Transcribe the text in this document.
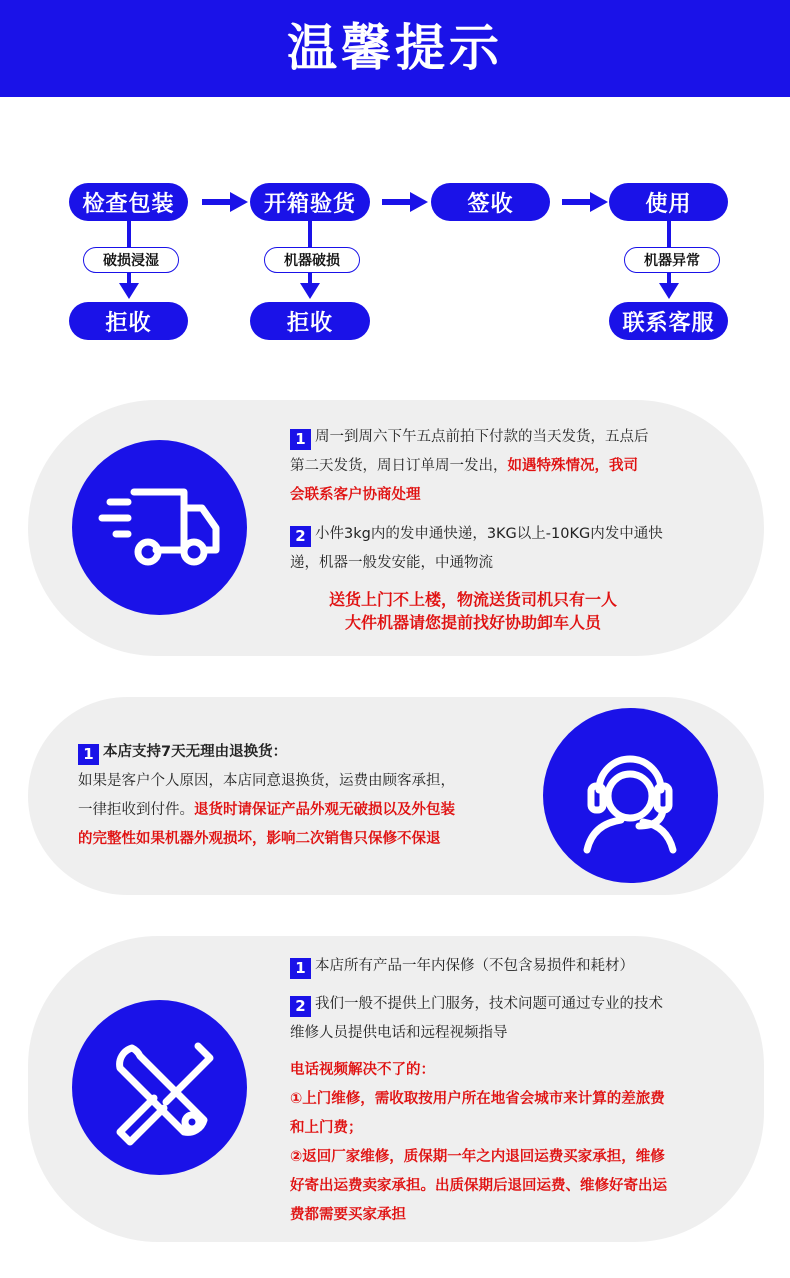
温馨提示
检查包装	开箱验货	签收	使用
破损浸湿	机器破损	机器异常
拒收	拒收	联系客服
1 周一到周六下午五点前拍下付款的当天发货，五点后
第二天发货，周日订单周一发出，如遇特殊情况，我司
会联系客户协商处理
2 小件3kg内的发申通快递，3KG以上-10KG内发中通快
递，机器一般发安能，中通物流
送货上门不上楼，物流送货司机只有一人
大件机器请您提前找好协助卸车人员
1 本店支持7天无理由退换货：
如果是客户个人原因，本店同意退换货，运费由顾客承担，
一律拒收到付件。退货时请保证产品外观无破损以及外包装
的完整性如果机器外观损坏，影响二次销售只保修不保退
1 本店所有产品一年内保修（不包含易损件和耗材）
2 我们一般不提供上门服务，技术问题可通过专业的技术
维修人员提供电话和远程视频指导
电话视频解决不了的：
①上门维修，需收取按用户所在地省会城市来计算的差旅费
和上门费；
②返回厂家维修，质保期一年之内退回运费买家承担，维修
好寄出运费卖家承担。出质保期后退回运费、维修好寄出运
费都需要买家承担
